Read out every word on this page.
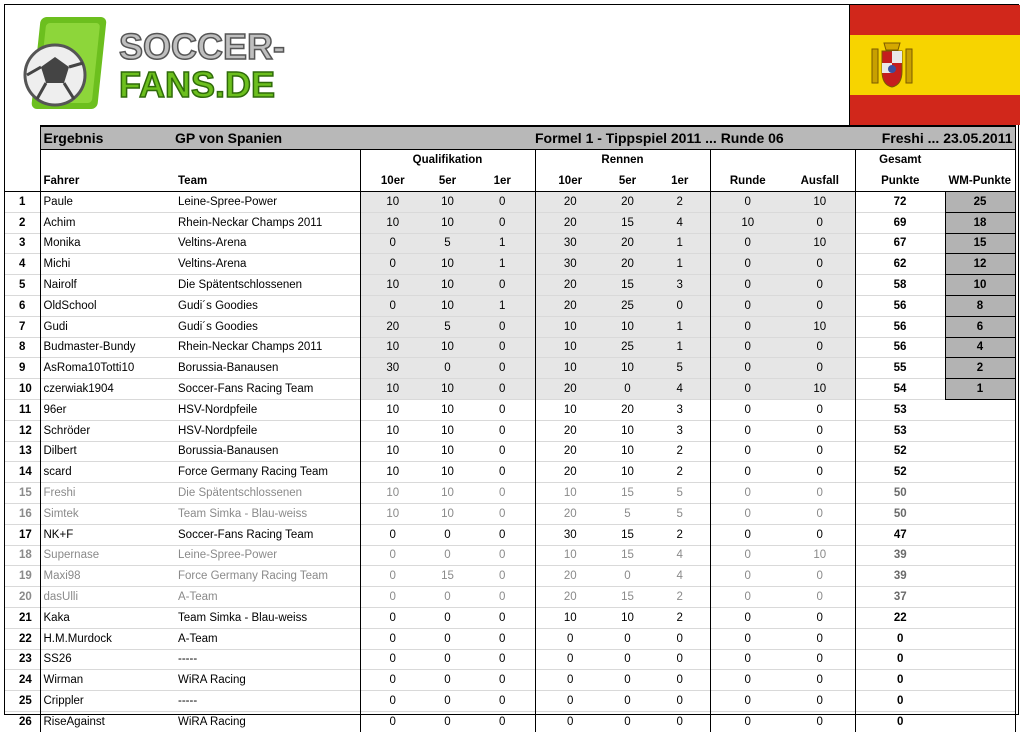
SOCCER-
FANS.DE
	Ergebnis	GP von Spanien				Formel 1 - Tippspiel 2011 ... Runde 06					Freshi ... 23.05.2011	
			Qualifikation			Rennen					Gesamt	
	Fahrer	Team	10er	5er	1er	10er	5er	1er	Runde	Ausfall	Punkte	WM-Punkte
1	Paule	Leine-Spree-Power	10	10	0	20	20	2	0	10	72	25
2	Achim	Rhein-Neckar Champs 2011	10	10	0	20	15	4	10	0	69	18
3	Monika	Veltins-Arena	0	5	1	30	20	1	0	10	67	15
4	Michi	Veltins-Arena	0	10	1	30	20	1	0	0	62	12
5	Nairolf	Die Spätentschlossenen	10	10	0	20	15	3	0	0	58	10
6	OldSchool	Gudi´s Goodies	0	10	1	20	25	0	0	0	56	8
7	Gudi	Gudi´s Goodies	20	5	0	10	10	1	0	10	56	6
8	Budmaster-Bundy	Rhein-Neckar Champs 2011	10	10	0	10	25	1	0	0	56	4
9	AsRoma10Totti10	Borussia-Banausen	30	0	0	10	10	5	0	0	55	2
10	czerwiak1904	Soccer-Fans Racing Team	10	10	0	20	0	4	0	10	54	1
11	96er	HSV-Nordpfeile	10	10	0	10	20	3	0	0	53	
12	Schröder	HSV-Nordpfeile	10	10	0	20	10	3	0	0	53	
13	Dilbert	Borussia-Banausen	10	10	0	20	10	2	0	0	52	
14	scard	Force Germany Racing Team	10	10	0	20	10	2	0	0	52	
15	Freshi	Die Spätentschlossenen	10	10	0	10	15	5	0	0	50	
16	Simtek	Team Simka - Blau-weiss	10	10	0	20	5	5	0	0	50	
17	NK+F	Soccer-Fans Racing Team	0	0	0	30	15	2	0	0	47	
18	Supernase	Leine-Spree-Power	0	0	0	10	15	4	0	10	39	
19	Maxi98	Force Germany Racing Team	0	15	0	20	0	4	0	0	39	
20	dasUlli	A-Team	0	0	0	20	15	2	0	0	37	
21	Kaka	Team Simka - Blau-weiss	0	0	0	10	10	2	0	0	22	
22	H.M.Murdock	A-Team	0	0	0	0	0	0	0	0	0	
23	SS26	-----	0	0	0	0	0	0	0	0	0	
24	Wirman	WiRA Racing	0	0	0	0	0	0	0	0	0	
25	Crippler	-----	0	0	0	0	0	0	0	0	0	
26	RiseAgainst	WiRA Racing	0	0	0	0	0	0	0	0	0	
